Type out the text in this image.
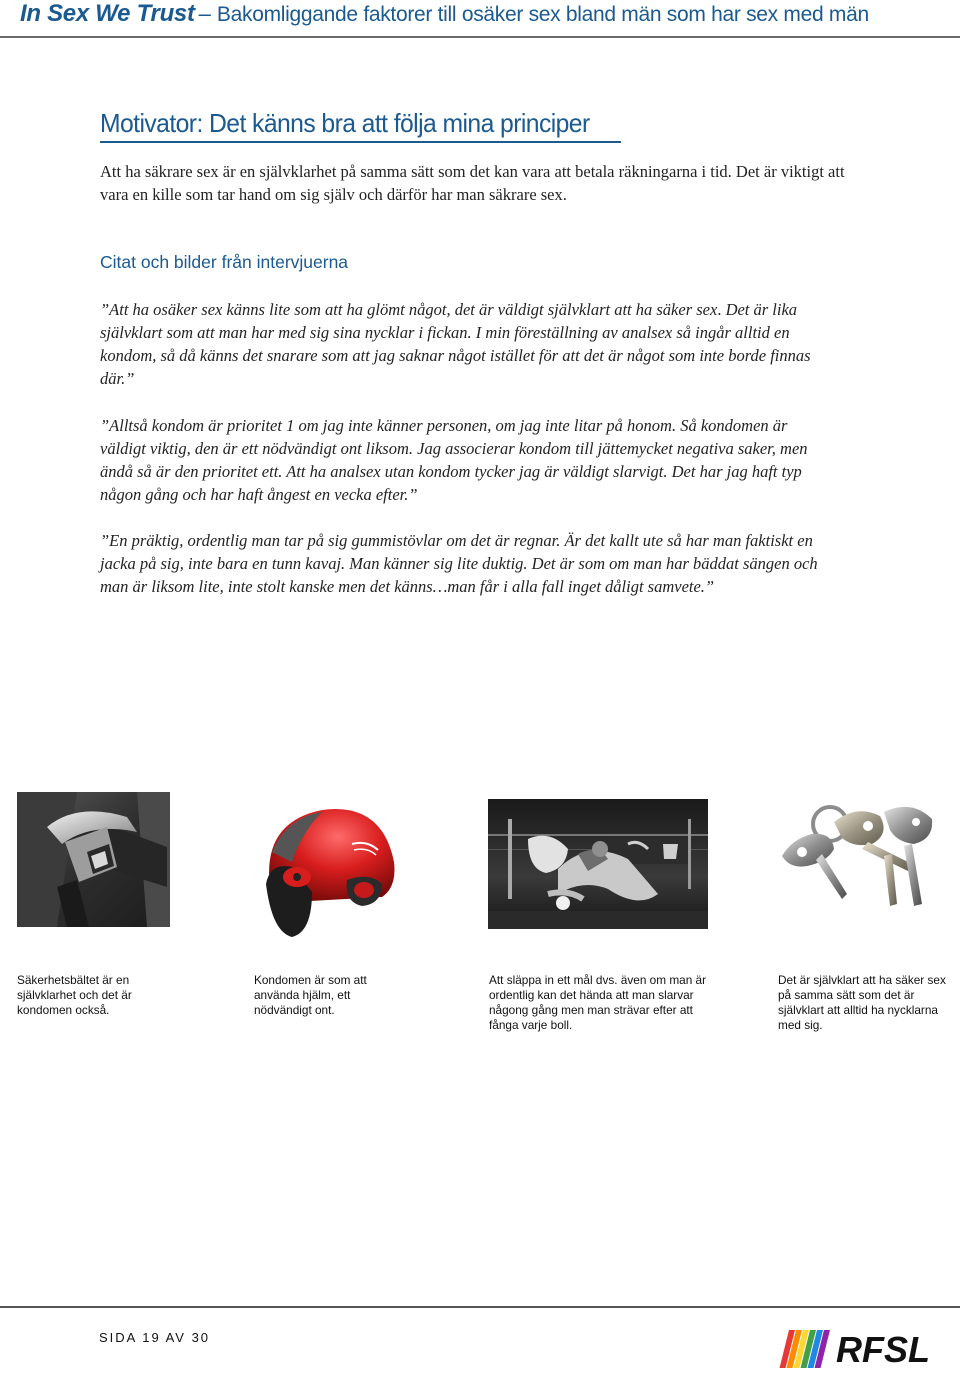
In Sex We Trust – Bakomliggande faktorer till osäker sex bland män som har sex med män
Motivator: Det känns bra att följa mina principer

Att ha säkrare sex är en självklarhet på samma sätt som det kan vara att betala räkningarna i tid. Det är viktigt att vara en kille som tar hand om sig själv och därför har man säkrare sex.

Citat och bilder från intervjuerna

”Att ha osäker sex känns lite som att ha glömt något, det är väldigt självklart att ha säker sex. Det är lika självklart som att man har med sig sina nycklar i fickan. I min föreställning av analsex så ingår alltid en kondom, så då känns det snarare som att jag saknar något istället för att det är något som inte borde finnas där.”

”Alltså kondom är prioritet 1 om jag inte känner personen, om jag inte litar på honom. Så kondomen är väldigt viktig, den är ett nödvändigt ont liksom. Jag associerar kondom till jättemycket negativa saker, men ändå så är den prioritet ett. Att ha analsex utan kondom tycker jag är väldigt slarvigt. Det har jag haft typ någon gång och har haft ångest en vecka efter.”

”En präktig, ordentlig man tar på sig gummistövlar om det är regnar. Är det kallt ute så har man faktiskt en jacka på sig, inte bara en tunn kavaj. Man känner sig lite duktig. Det är som om man har bäddat sängen och man är liksom lite, inte stolt kanske men det känns…man får i alla fall inget dåligt samvete.”

Säkerhetsbältet är en självklarhet och det är kondomen också.

Kondomen är som att använda hjälm, ett nödvändigt ont.

Att släppa in ett mål dvs. även om man är ordentlig kan det hända att man slarvar någong gång men man strävar efter att fånga varje boll.

Det är självklart att ha säker sex på samma sätt som det är självklart att alltid ha nycklarna med sig.

SIDA 19 AV 30	RFSL
